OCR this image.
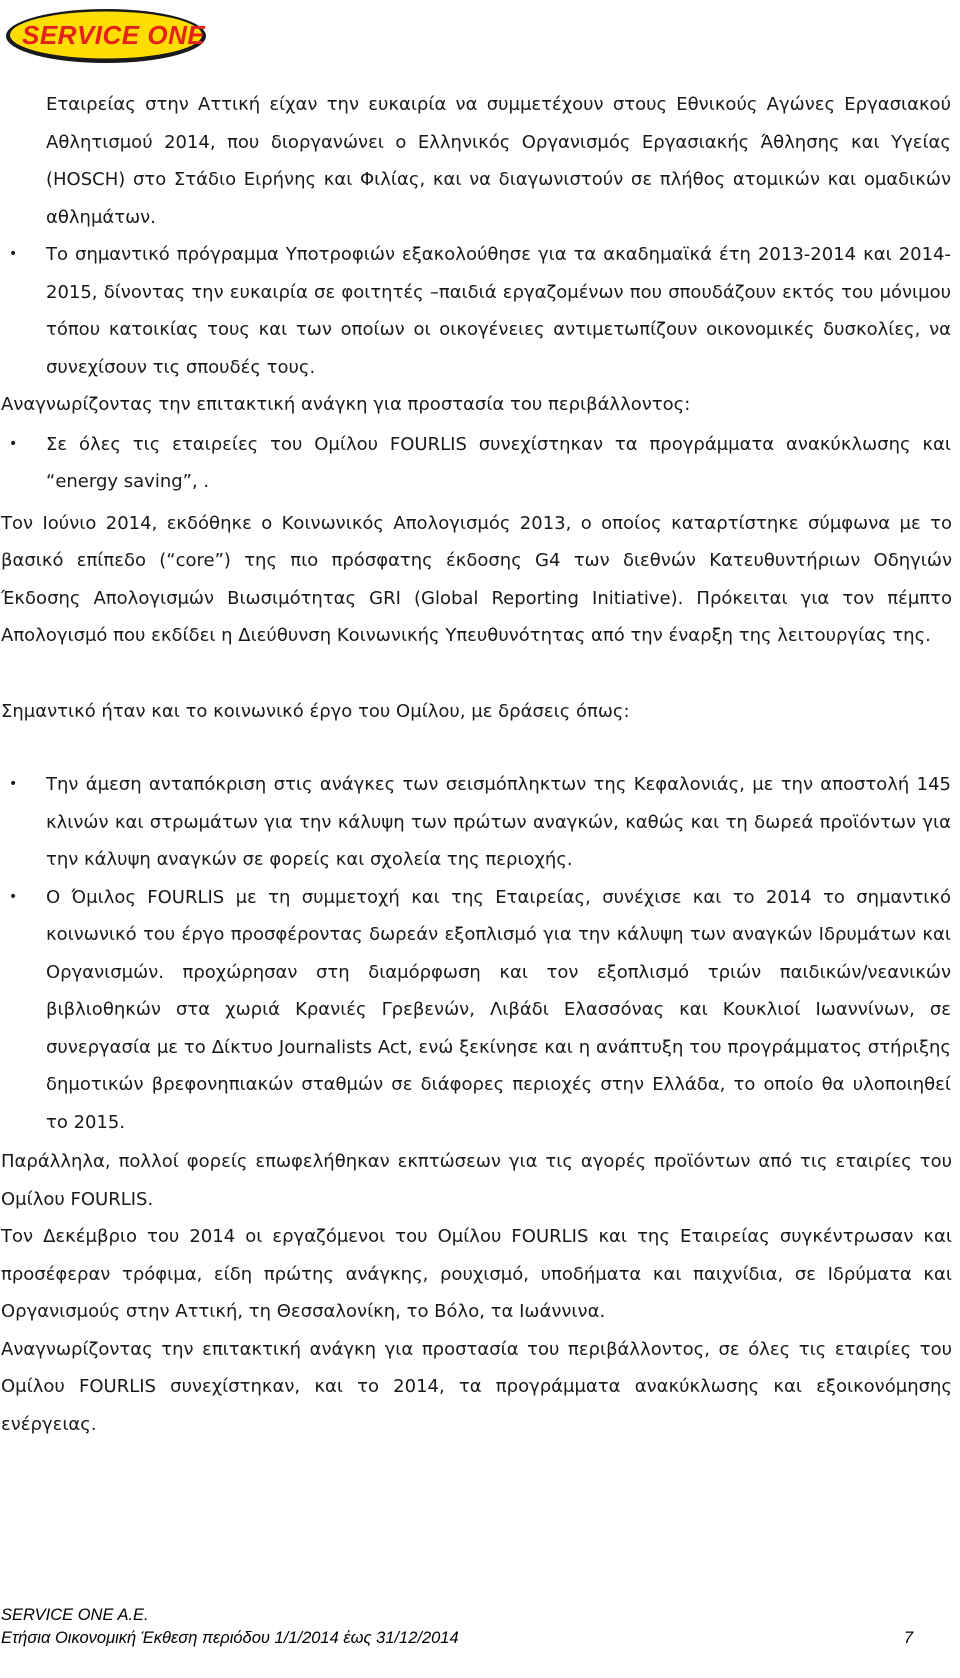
SERVICE ONE

Εταιρείας στην Αττική είχαν την ευκαιρία να συμμετέχουν στους Εθνικούς Αγώνες Εργασιακού Αθλητισμού 2014, που διοργανώνει ο Ελληνικός Οργανισμός Εργασιακής Άθλησης και Υγείας (HOSCH) στο Στάδιο Ειρήνης και Φιλίας, και να διαγωνιστούν σε πλήθος ατομικών και ομαδικών αθλημάτων.

• Το σημαντικό πρόγραμμα Υποτροφιών εξακολούθησε για τα ακαδημαϊκά έτη 2013-2014 και 2014-2015, δίνοντας την ευκαιρία σε φοιτητές –παιδιά εργαζομένων που σπουδάζουν εκτός του μόνιμου τόπου κατοικίας τους και των οποίων οι οικογένειες αντιμετωπίζουν οικονομικές δυσκολίες, να συνεχίσουν τις σπουδές τους.

Αναγνωρίζοντας την επιτακτική ανάγκη για προστασία του περιβάλλοντος:

• Σε όλες τις εταιρείες του Ομίλου FOURLIS συνεχίστηκαν τα προγράμματα ανακύκλωσης και “energy saving”, .

Τον Ιούνιο 2014, εκδόθηκε ο Κοινωνικός Απολογισμός 2013, ο οποίος καταρτίστηκε σύμφωνα με το βασικό επίπεδο (“core”) της πιο πρόσφατης έκδοσης G4 των διεθνών Κατευθυντήριων Οδηγιών Έκδοσης Απολογισμών Βιωσιμότητας GRI (Global Reporting Initiative). Πρόκειται για τον πέμπτο Απολογισμό που εκδίδει η Διεύθυνση Κοινωνικής Υπευθυνότητας από την έναρξη της λειτουργίας της.

Σημαντικό ήταν και το κοινωνικό έργο του Ομίλου, με δράσεις όπως:

• Την άμεση ανταπόκριση στις ανάγκες των σεισμόπληκτων της Κεφαλονιάς, με την αποστολή 145 κλινών και στρωμάτων για την κάλυψη των πρώτων αναγκών, καθώς και τη δωρεά προϊόντων για την κάλυψη αναγκών σε φορείς και σχολεία της περιοχής.

• Ο Όμιλος FOURLIS με τη συμμετοχή και της Εταιρείας, συνέχισε και το 2014 το σημαντικό κοινωνικό του έργο προσφέροντας δωρεάν εξοπλισμό για την κάλυψη των αναγκών Ιδρυμάτων και Οργανισμών. προχώρησαν στη διαμόρφωση και τον εξοπλισμό τριών παιδικών/νεανικών βιβλιοθηκών στα χωριά Κρανιές Γρεβενών, Λιβάδι Ελασσόνας και Κουκλιοί Ιωαννίνων, σε συνεργασία με το Δίκτυο Journalists Act, ενώ ξεκίνησε και η ανάπτυξη του προγράμματος στήριξης δημοτικών βρεφονηπιακών σταθμών σε διάφορες περιοχές στην Ελλάδα, το οποίο θα υλοποιηθεί το 2015.

Παράλληλα, πολλοί φορείς επωφελήθηκαν εκπτώσεων για τις αγορές προϊόντων από τις εταιρίες του Ομίλου FOURLIS.

Τον Δεκέμβριο του 2014 οι εργαζόμενοι του Ομίλου FOURLIS και της Εταιρείας συγκέντρωσαν και προσέφεραν τρόφιμα, είδη πρώτης ανάγκης, ρουχισμό, υποδήματα και παιχνίδια, σε Ιδρύματα και Οργανισμούς στην Αττική, τη Θεσσαλονίκη, το Βόλο, τα Ιωάννινα.

Αναγνωρίζοντας την επιτακτική ανάγκη για προστασία του περιβάλλοντος, σε όλες τις εταιρίες του Ομίλου FOURLIS συνεχίστηκαν, και το 2014, τα προγράμματα ανακύκλωσης και εξοικονόμησης ενέργειας.

SERVICE ONE A.E.
Ετήσια Οικονομική Έκθεση περιόδου 1/1/2014 έως 31/12/2014	7
